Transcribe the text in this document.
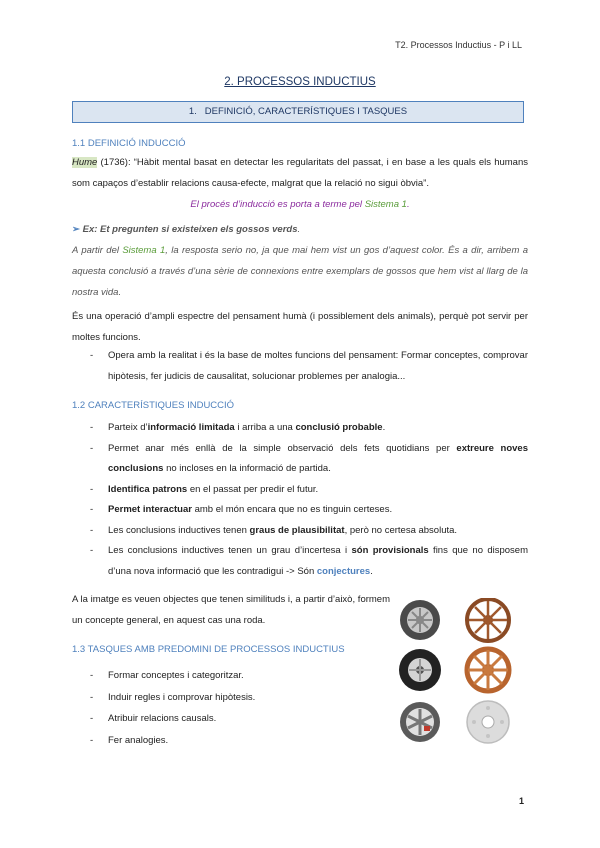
T2. Processos Inductius - P i LL
2. PROCESSOS INDUCTIUS
1. DEFINICIÓ, CARACTERÍSTIQUES I TASQUES
1.1 DEFINICIÓ INDUCCIÓ
Hume (1736): “Hàbit mental basat en detectar les regularitats del passat, i en base a les quals els humans som capaços d’establir relacions causa-efecte, malgrat que la relació no sigui òbvia”.
El procés d’inducció es porta a terme pel Sistema 1.
➢ Ex: Et pregunten si existeixen els gossos verds.
A partir del Sistema 1, la resposta serio no, ja que mai hem vist un gos d’aquest color. És a dir, arribem a aquesta conclusió a través d’una sèrie de connexions entre exemplars de gossos que hem vist al llarg de la nostra vida.
És una operació d’ampli espectre del pensament humà (i possiblement dels animals), perquè pot servir per moltes funcions.
- Opera amb la realitat i és la base de moltes funcions del pensament: Formar conceptes, comprovar hipòtesis, fer judicis de causalitat, solucionar problemes per analogia...
1.2 CARACTERÍSTIQUES INDUCCIÓ
- Parteix d’informació limitada i arriba a una conclusió probable.
- Permet anar més enllà de la simple observació dels fets quotidians per extreure noves conclusions no incloses en la informació de partida.
- Identifica patrons en el passat per predir el futur.
- Permet interactuar amb el món encara que no es tinguin certeses.
- Les conclusions inductives tenen graus de plausibilitat, però no certesa absoluta.
- Les conclusions inductives tenen un grau d’incertesa i són provisionals fins que no disposem d’una nova informació que les contradigui -> Són conjectures.
A la imatge es veuen objectes que tenen similituds i, a partir d’això, formem un concepte general, en aquest cas una roda.
1.3 TASQUES AMB PREDOMINI DE PROCESSOS INDUCTIUS
- Formar conceptes i categoritzar.
- Induir regles i comprovar hipòtesis.
- Atribuir relacions causals.
- Fer analogies.
1
